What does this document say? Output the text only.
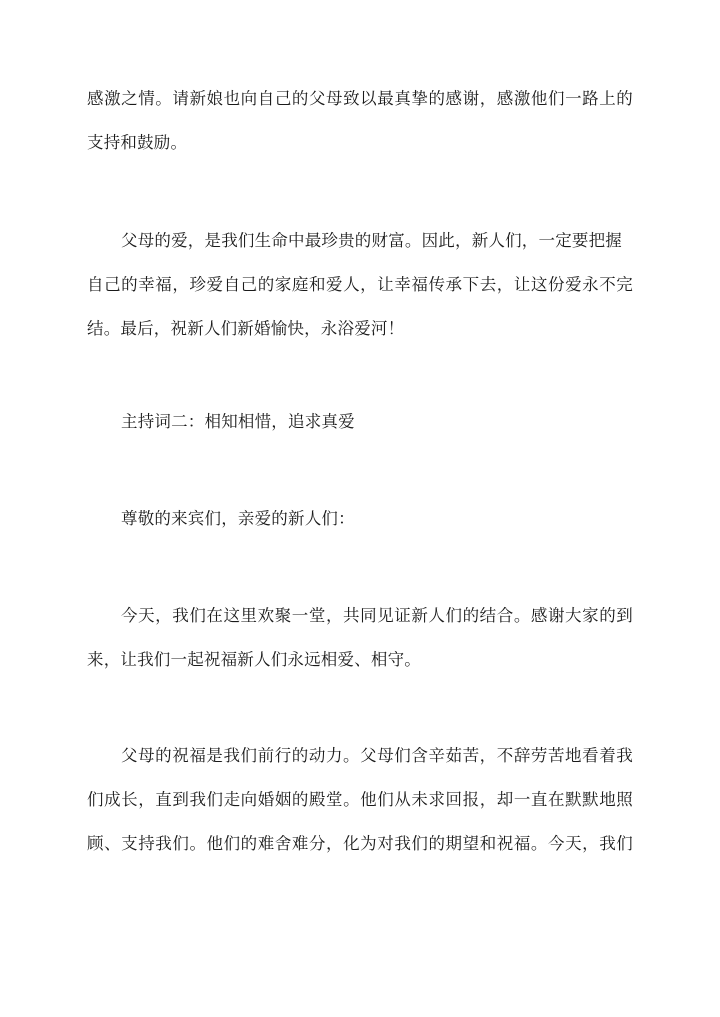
感激之情。请新娘也向自己的父母致以最真挚的感谢，感激他们一路上的
支持和鼓励。
父母的爱，是我们生命中最珍贵的财富。因此，新人们，一定要把握
自己的幸福，珍爱自己的家庭和爱人，让幸福传承下去，让这份爱永不完
结。最后，祝新人们新婚愉快，永浴爱河！
主持词二：相知相惜，追求真爱
尊敬的来宾们，亲爱的新人们：
今天，我们在这里欢聚一堂，共同见证新人们的结合。感谢大家的到
来，让我们一起祝福新人们永远相爱、相守。
父母的祝福是我们前行的动力。父母们含辛茹苦，不辞劳苦地看着我
们成长，直到我们走向婚姻的殿堂。他们从未求回报，却一直在默默地照
顾、支持我们。他们的难舍难分，化为对我们的期望和祝福。今天，我们
